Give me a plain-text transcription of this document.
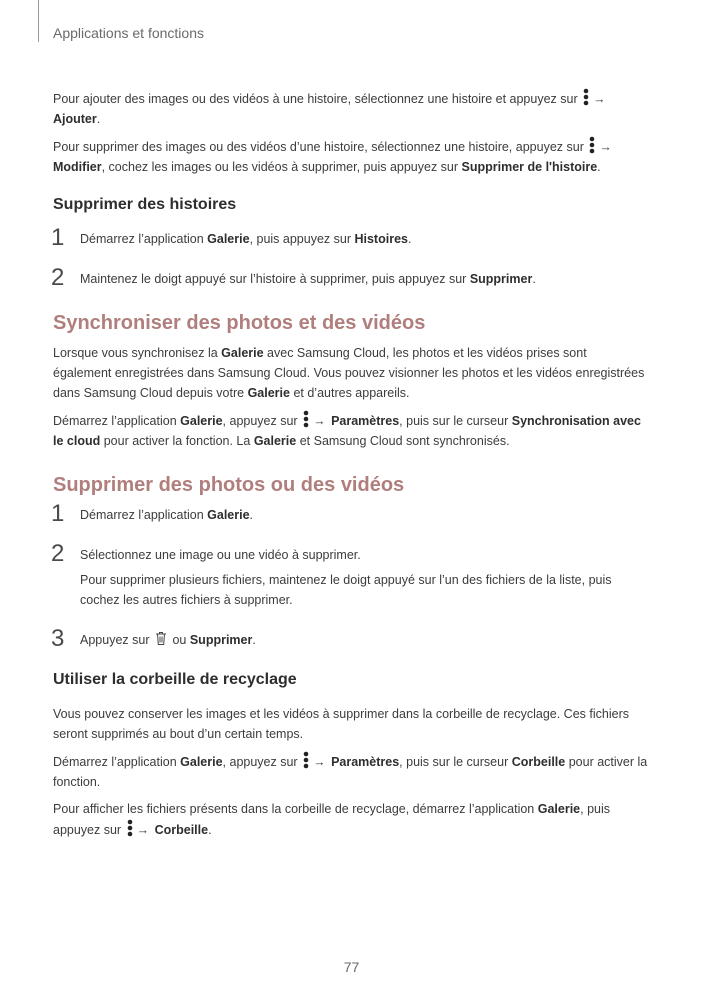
Applications et fonctions

Pour ajouter des images ou des vidéos à une histoire, sélectionnez une histoire et appuyez sur →
Ajouter.

Pour supprimer des images ou des vidéos d’une histoire, sélectionnez une histoire, appuyez sur →
Modifier, cochez les images ou les vidéos à supprimer, puis appuyez sur Supprimer de l'histoire.

Supprimer des histoires
1 Démarrez l’application Galerie, puis appuyez sur Histoires.

2 Maintenez le doigt appuyé sur l’histoire à supprimer, puis appuyez sur Supprimer.

Synchroniser des photos et des vidéos

Lorsque vous synchronisez la Galerie avec Samsung Cloud, les photos et les vidéos prises sont également enregistrées dans Samsung Cloud. Vous pouvez visionner les photos et les vidéos enregistrées dans Samsung Cloud depuis votre Galerie et d’autres appareils.

Démarrez l’application Galerie, appuyez sur → Paramètres, puis sur le curseur Synchronisation avec le cloud pour activer la fonction. La Galerie et Samsung Cloud sont synchronisés.

Supprimer des photos ou des vidéos
1 Démarrez l’application Galerie.

2 Sélectionnez une image ou une vidéo à supprimer.

Pour supprimer plusieurs fichiers, maintenez le doigt appuyé sur l’un des fichiers de la liste, puis cochez les autres fichiers à supprimer.

3 Appuyez sur ou Supprimer.

Utiliser la corbeille de recyclage

Vous pouvez conserver les images et les vidéos à supprimer dans la corbeille de recyclage. Ces fichiers seront supprimés au bout d’un certain temps.

Démarrez l’application Galerie, appuyez sur → Paramètres, puis sur le curseur Corbeille pour activer la fonction.

Pour afficher les fichiers présents dans la corbeille de recyclage, démarrez l’application Galerie, puis appuyez sur → Corbeille.

77
